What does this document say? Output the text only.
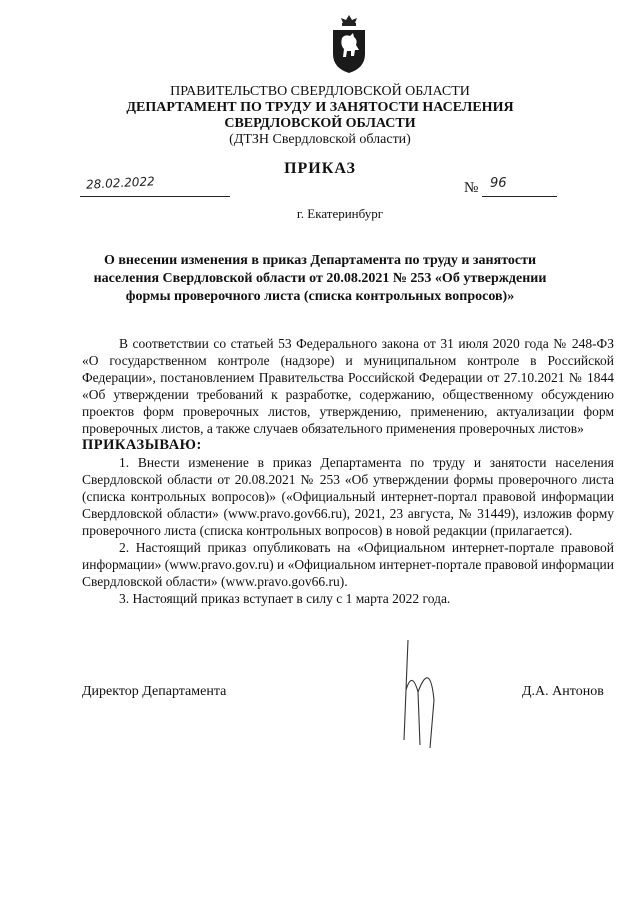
ПРАВИТЕЛЬСТВО СВЕРДЛОВСКОЙ ОБЛАСТИ
ДЕПАРТАМЕНТ ПО ТРУДУ И ЗАНЯТОСТИ НАСЕЛЕНИЯ
СВЕРДЛОВСКОЙ ОБЛАСТИ
(ДТЗН Свердловской области)
ПРИКАЗ
28.02.2022	№ 96
г. Екатеринбург
О внесении изменения в приказ Департамента по труду и занятости
населения Свердловской области от 20.08.2021 № 253 «Об утверждении
формы проверочного листа (списка контрольных вопросов)»

В соответствии со статьей 53 Федерального закона от 31 июля 2020 года № 248-ФЗ «О государственном контроле (надзоре) и муниципальном контроле в Российской Федерации», постановлением Правительства Российской Федерации от 27.10.2021 № 1844 «Об утверждении требований к разработке, содержанию, общественному обсуждению проектов форм проверочных листов, утверждению, применению, актуализации форм проверочных листов, а также случаев обязательного применения проверочных листов»

ПРИКАЗЫВАЮ:

1. Внести изменение в приказ Департамента по труду и занятости населения Свердловской области от 20.08.2021 № 253 «Об утверждении формы проверочного листа (списка контрольных вопросов)» («Официальный интернет-портал правовой информации Свердловской области» (www.pravo.gov66.ru), 2021, 23 августа, № 31449), изложив форму проверочного листа (списка контрольных вопросов) в новой редакции (прилагается).

2. Настоящий приказ опубликовать на «Официальном интернет-портале правовой информации» (www.pravo.gov.ru) и «Официальном интернет-портале правовой информации Свердловской области» (www.pravo.gov66.ru).

3. Настоящий приказ вступает в силу с 1 марта 2022 года.

Директор Департамента	Д.А. Антонов
